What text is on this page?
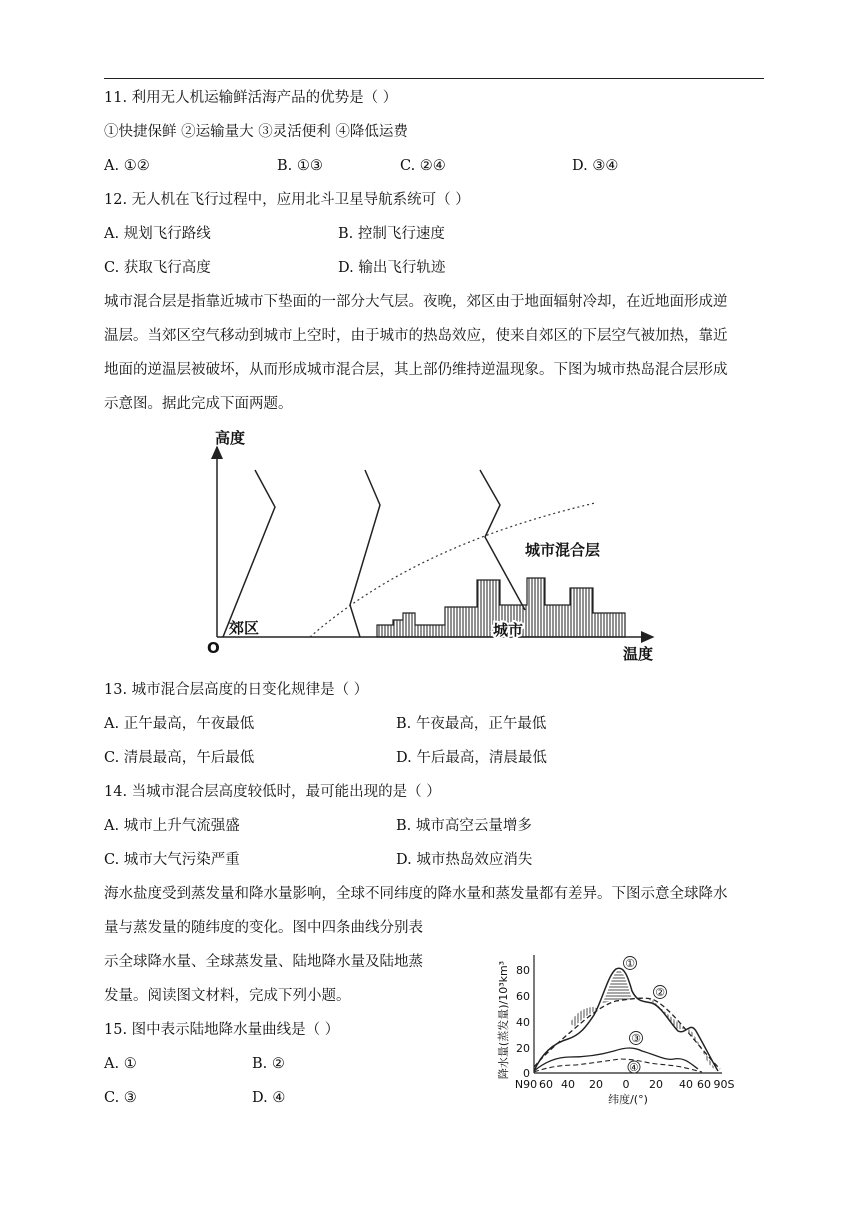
11. 利用无人机运输鲜活海产品的优势是（ ）
①快捷保鲜 ②运输量大 ③灵活便利 ④降低运费
A. ①②	B. ①③	C. ②④	D. ③④
12. 无人机在飞行过程中，应用北斗卫星导航系统可（ ）
A. 规划飞行路线	B. 控制飞行速度
C. 获取飞行高度	D. 输出飞行轨迹
城市混合层是指靠近城市下垫面的一部分大气层。夜晚，郊区由于地面辐射冷却，在近地面形成逆
温层。当郊区空气移动到城市上空时，由于城市的热岛效应，使来自郊区的下层空气被加热，靠近
地面的逆温层被破坏，从而形成城市混合层，其上部仍维持逆温现象。下图为城市热岛混合层形成
示意图。据此完成下面两题。
高度
温度
O
郊区	城市
城市混合层
13. 城市混合层高度的日变化规律是（ ）
A. 正午最高，午夜最低	B. 午夜最高，正午最低
C. 清晨最高，午后最低	D. 午后最高，清晨最低
14. 当城市混合层高度较低时，最可能出现的是（ ）
A. 城市上升气流强盛	B. 城市高空云量增多
C. 城市大气污染严重	D. 城市热岛效应消失
海水盐度受到蒸发量和降水量影响，全球不同纬度的降水量和蒸发量都有差异。下图示意全球降水
量与蒸发量的随纬度的变化。图中四条曲线分别表
示全球降水量、全球蒸发量、陆地降水量及陆地蒸
发量。阅读图文材料，完成下列小题。
15. 图中表示陆地降水量曲线是（ ）
A. ①	B. ②
C. ③	D. ④
降水量(蒸发量)/10³km³ 0
20
40
60
80
N90 60 40 20 0 20 40 60 90S
纬度/(°)
①
②
③
④
